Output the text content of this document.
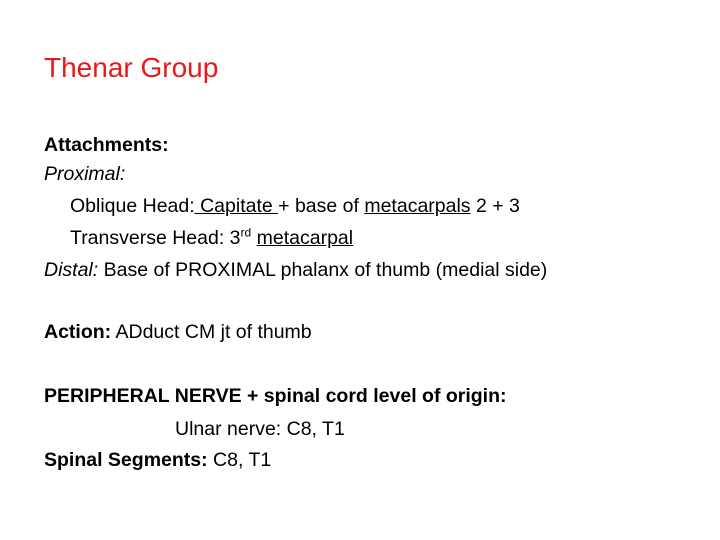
Thenar Group
Attachments:
Proximal:
Oblique Head: Capitate + base of metacarpals 2 + 3
Transverse Head: 3rd metacarpal
Distal: Base of PROXIMAL phalanx of thumb (medial side)
Action: ADduct CM jt of thumb
PERIPHERAL NERVE + spinal cord level of origin:
Ulnar nerve: C8, T1
Spinal Segments: C8, T1
